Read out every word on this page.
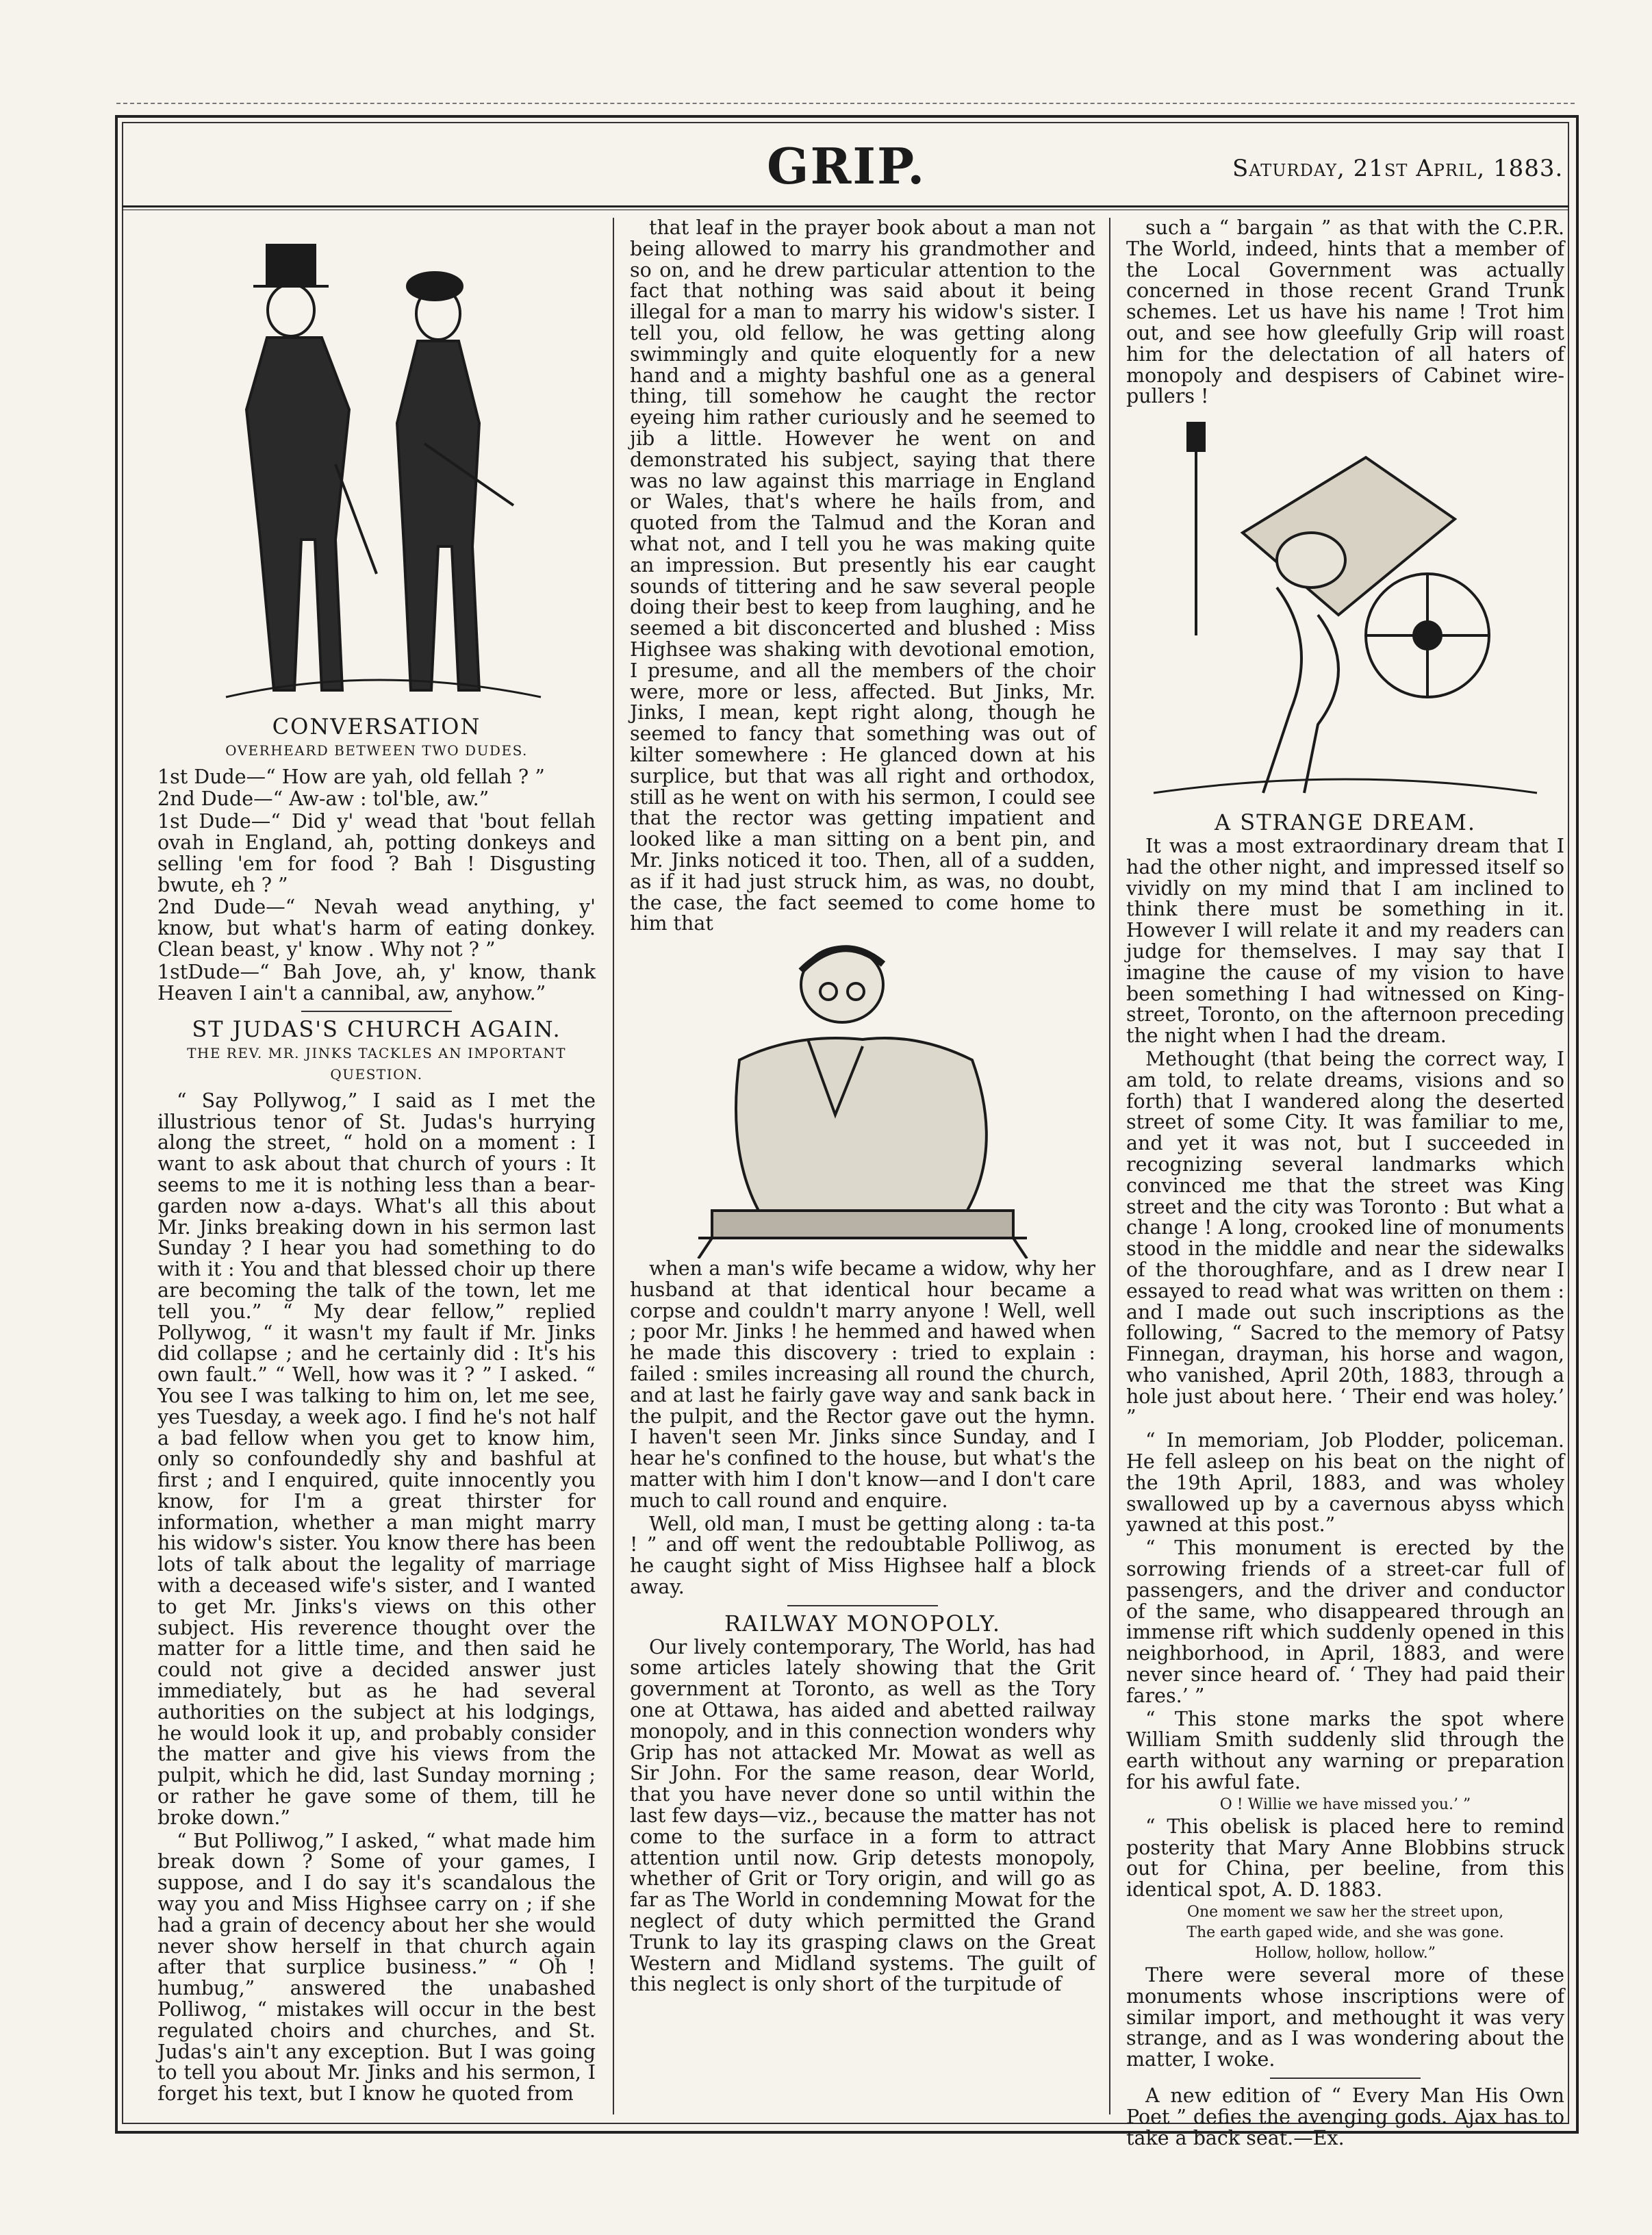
GRIP.	Saturday, 21st April, 1883.
CONVERSATION
OVERHEARD BETWEEN TWO DUDES.

1st Dude—“ How are yah, old fellah ? ”

2nd Dude—“ Aw-aw : tol'ble, aw.”

1st Dude—“ Did y' wead that 'bout fellah ovah in England, ah, potting donkeys and selling 'em for food ? Bah ! Disgusting bwute, eh ? ”

2nd Dude—“ Nevah wead anything, y' know, but what's harm of eating donkey. Clean beast, y' know . Why not ? ”

1stDude—“ Bah Jove, ah, y' know, thank Heaven I ain't a cannibal, aw, anyhow.”

ST JUDAS'S CHURCH AGAIN.
THE REV. MR. JINKS TACKLES AN IMPORTANT QUESTION.

“ Say Pollywog,” I said as I met the illustrious tenor of St. Judas's hurrying along the street, “ hold on a moment : I want to ask about that church of yours : It seems to me it is nothing less than a bear-garden now a-days. What's all this about Mr. Jinks breaking down in his sermon last Sunday ? I hear you had something to do with it : You and that blessed choir up there are becoming the talk of the town, let me tell you.” “ My dear fellow,” replied Pollywog, “ it wasn't my fault if Mr. Jinks did collapse ; and he certainly did : It's his own fault.” “ Well, how was it ? ” I asked. “ You see I was talking to him on, let me see, yes Tuesday, a week ago. I find he's not half a bad fellow when you get to know him, only so confoundedly shy and bashful at first ; and I enquired, quite innocently you know, for I'm a great thirster for information, whether a man might marry his widow's sister. You know there has been lots of talk about the legality of marriage with a deceased wife's sister, and I wanted to get Mr. Jinks's views on this other subject. His reverence thought over the matter for a little time, and then said he could not give a decided answer just immediately, but as he had several authorities on the subject at his lodgings, he would look it up, and probably consider the matter and give his views from the pulpit, which he did, last Sunday morning ; or rather he gave some of them, till he broke down.”

“ But Polliwog,” I asked, “ what made him break down ? Some of your games, I suppose, and I do say it's scandalous the way you and Miss Highsee carry on ; if she had a grain of decency about her she would never show herself in that church again after that surplice business.” “ Oh ! humbug,” answered the unabashed Polliwog, “ mistakes will occur in the best regulated choirs and churches, and St. Judas's ain't any exception. But I was going to tell you about Mr. Jinks and his sermon, I forget his text, but I know he quoted from

that leaf in the prayer book about a man not being allowed to marry his grandmother and so on, and he drew particular attention to the fact that nothing was said about it being illegal for a man to marry his widow's sister. I tell you, old fellow, he was getting along swimmingly and quite eloquently for a new hand and a mighty bashful one as a general thing, till somehow he caught the rector eyeing him rather curiously and he seemed to jib a little. However he went on and demonstrated his subject, saying that there was no law against this marriage in England or Wales, that's where he hails from, and quoted from the Talmud and the Koran and what not, and I tell you he was making quite an impression. But presently his ear caught sounds of tittering and he saw several people doing their best to keep from laughing, and he seemed a bit disconcerted and blushed : Miss Highsee was shaking with devotional emotion, I presume, and all the members of the choir were, more or less, affected. But Jinks, Mr. Jinks, I mean, kept right along, though he seemed to fancy that something was out of kilter somewhere : He glanced down at his surplice, but that was all right and orthodox, still as he went on with his sermon, I could see that the rector was getting impatient and looked like a man sitting on a bent pin, and Mr. Jinks noticed it too. Then, all of a sudden, as if it had just struck him, as was, no doubt, the case, the fact seemed to come home to him that

when a man's wife became a widow, why her husband at that identical hour became a corpse and couldn't marry anyone ! Well, well ; poor Mr. Jinks ! he hemmed and hawed when he made this discovery : tried to explain : failed : smiles increasing all round the church, and at last he fairly gave way and sank back in the pulpit, and the Rector gave out the hymn. I haven't seen Mr. Jinks since Sunday, and I hear he's confined to the house, but what's the matter with him I don't know—and I don't care much to call round and enquire.

Well, old man, I must be getting along : ta-ta ! ” and off went the redoubtable Polliwog, as he caught sight of Miss Highsee half a block away.

RAILWAY MONOPOLY.

Our lively contemporary, The World, has had some articles lately showing that the Grit government at Toronto, as well as the Tory one at Ottawa, has aided and abetted railway monopoly, and in this connection wonders why Grip has not attacked Mr. Mowat as well as Sir John. For the same reason, dear World, that you have never done so until within the last few days—viz., because the matter has not come to the surface in a form to attract attention until now. Grip detests monopoly, whether of Grit or Tory origin, and will go as far as The World in condemning Mowat for the neglect of duty which permitted the Grand Trunk to lay its grasping claws on the Great Western and Midland systems. The guilt of this neglect is only short of the turpitude of

such a “ bargain ” as that with the C.P.R. The World, indeed, hints that a member of the Local Government was actually concerned in those recent Grand Trunk schemes. Let us have his name ! Trot him out, and see how gleefully Grip will roast him for the delectation of all haters of monopoly and despisers of Cabinet wire-pullers !

A STRANGE DREAM.

It was a most extraordinary dream that I had the other night, and impressed itself so vividly on my mind that I am inclined to think there must be something in it. However I will relate it and my readers can judge for themselves. I may say that I imagine the cause of my vision to have been something I had witnessed on King-street, Toronto, on the afternoon preceding the night when I had the dream.

Methought (that being the correct way, I am told, to relate dreams, visions and so forth) that I wandered along the deserted street of some City. It was familiar to me, and yet it was not, but I succeeded in recognizing several landmarks which convinced me that the street was King street and the city was Toronto : But what a change ! A long, crooked line of monuments stood in the middle and near the sidewalks of the thoroughfare, and as I drew near I essayed to read what was written on them : and I made out such inscriptions as the following, “ Sacred to the memory of Patsy Finnegan, drayman, his horse and wagon, who vanished, April 20th, 1883, through a hole just about here. ‘ Their end was holey.’ ”

“ In memoriam, Job Plodder, policeman. He fell asleep on his beat on the night of the 19th April, 1883, and was wholey swallowed up by a cavernous abyss which yawned at this post.”

“ This monument is erected by the sorrowing friends of a street-car full of passengers, and the driver and conductor of the same, who disappeared through an immense rift which suddenly opened in this neighborhood, in April, 1883, and were never since heard of. ‘ They had paid their fares.’ ”

“ This stone marks the spot where William Smith suddenly slid through the earth without any warning or preparation for his awful fate.

O ! Willie we have missed you.’ ”

“ This obelisk is placed here to remind posterity that Mary Anne Blobbins struck out for China, per beeline, from this identical spot, A. D. 1883.

One moment we saw her the street upon,
The earth gaped wide, and she was gone.
Hollow, hollow, hollow.”

There were several more of these monuments whose inscriptions were of similar import, and methought it was very strange, and as I was wondering about the matter, I woke.

A new edition of “ Every Man His Own Poet ” defies the avenging gods. Ajax has to take a back seat.—Ex.
